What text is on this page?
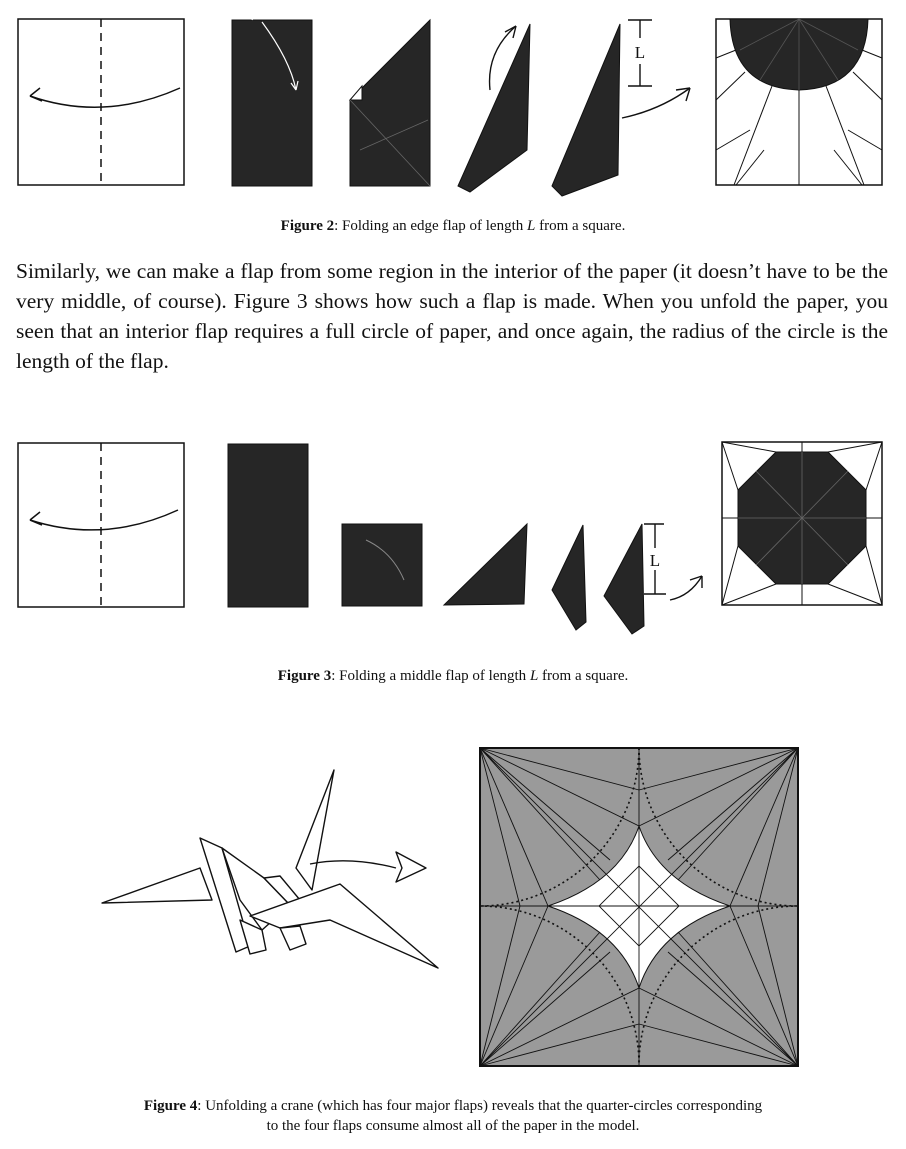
L
Figure 2: Folding an edge flap of length L from a square.
Similarly, we can make a flap from some region in the interior of the paper (it doesn’t have to be the very middle, of course). Figure 3 shows how such a flap is made. When you unfold the paper, you seen that an interior flap requires a full circle of paper, and once again, the radius of the circle is the length of the flap.
L
Figure 3: Folding a middle flap of length L from a square.
Figure 4: Unfolding a crane (which has four major flaps) reveals that the quarter-circles corresponding
to the four flaps consume almost all of the paper in the model.
